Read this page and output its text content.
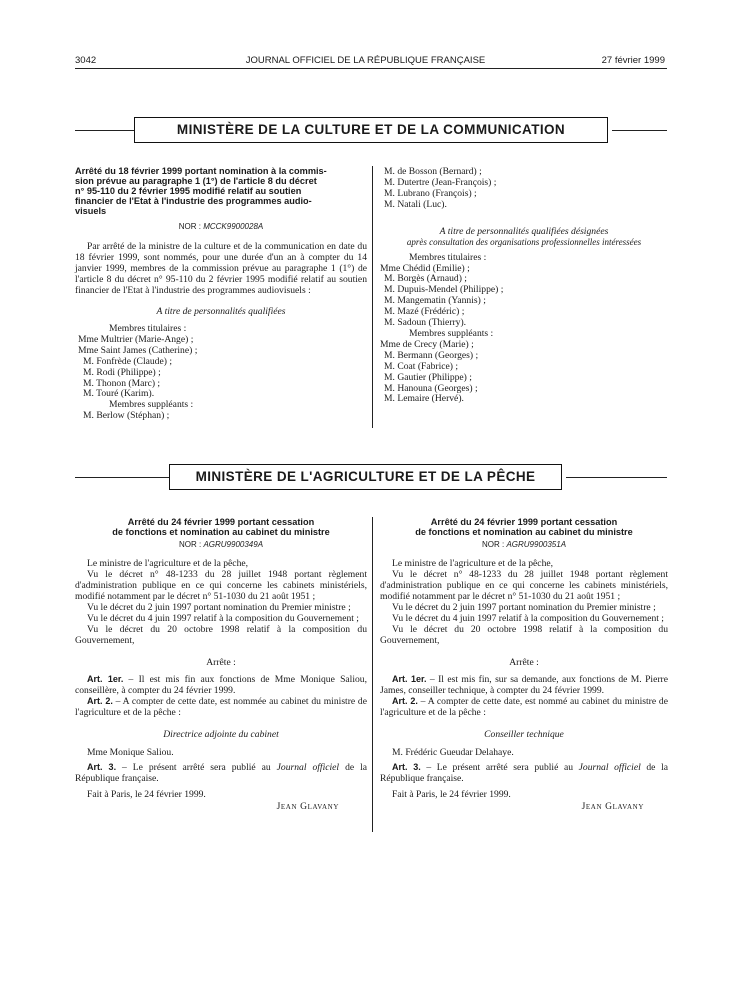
3042	JOURNAL OFFICIEL DE LA RÉPUBLIQUE FRANÇAISE	27 février 1999
MINISTÈRE DE LA CULTURE ET DE LA COMMUNICATION
Arrêté du 18 février 1999 portant nomination à la commis-
sion prévue au paragraphe 1 (1°) de l'article 8 du décret
n° 95-110 du 2 février 1995 modifié relatif au soutien
financier de l'Etat à l'industrie des programmes audio-
visuels
NOR : MCCK9900028A
Par arrêté de la ministre de la culture et de la communication en date du 18 février 1999, sont nommés, pour une durée d'un an à compter du 14 janvier 1999, membres de la commission prévue au paragraphe 1 (1°) de l'article 8 du décret n° 95-110 du 2 février 1995 modifié relatif au soutien financier de l'Etat à l'industrie des programmes audiovisuels :
A titre de personnalités qualifiées
Membres titulaires :
Mme Multrier (Marie-Ange) ;
Mme Saint James (Catherine) ;
M. Fonfrède (Claude) ;
M. Rodi (Philippe) ;
M. Thonon (Marc) ;
M. Touré (Karim).
Membres suppléants :
M. Berlow (Stéphan) ;
M. de Bosson (Bernard) ;
M. Dutertre (Jean-François) ;
M. Lubrano (François) ;
M. Natali (Luc).
A titre de personnalités qualifiées désignées
après consultation des organisations professionnelles intéressées
Membres titulaires :
Mme Chédid (Emilie) ;
M. Borgès (Arnaud) ;
M. Dupuis-Mendel (Philippe) ;
M. Mangematin (Yannis) ;
M. Mazé (Frédéric) ;
M. Sadoun (Thierry).
Membres suppléants :
Mme de Crecy (Marie) ;
M. Bermann (Georges) ;
M. Coat (Fabrice) ;
M. Gautier (Philippe) ;
M. Hanouna (Georges) ;
M. Lemaire (Hervé).
MINISTÈRE DE L'AGRICULTURE ET DE LA PÊCHE
Arrêté du 24 février 1999 portant cessation
de fonctions et nomination au cabinet du ministre
NOR : AGRU9900349A
Le ministre de l'agriculture et de la pêche,
Vu le décret n° 48-1233 du 28 juillet 1948 portant règlement d'administration publique en ce qui concerne les cabinets ministériels, modifié notamment par le décret n° 51-1030 du 21 août 1951 ;
Vu le décret du 2 juin 1997 portant nomination du Premier ministre ;
Vu le décret du 4 juin 1997 relatif à la composition du Gouvernement ;
Vu le décret du 20 octobre 1998 relatif à la composition du Gouvernement,
Arrête :
Art. 1er. – Il est mis fin aux fonctions de Mme Monique Saliou, conseillère, à compter du 24 février 1999.
Art. 2. – A compter de cette date, est nommée au cabinet du ministre de l'agriculture et de la pêche :
Directrice adjointe du cabinet
Mme Monique Saliou.
Art. 3. – Le présent arrêté sera publié au Journal officiel de la République française.
Fait à Paris, le 24 février 1999.
Jean Glavany
Arrêté du 24 février 1999 portant cessation
de fonctions et nomination au cabinet du ministre
NOR : AGRU9900351A
Le ministre de l'agriculture et de la pêche,
Vu le décret n° 48-1233 du 28 juillet 1948 portant règlement d'administration publique en ce qui concerne les cabinets ministériels, modifié notamment par le décret n° 51-1030 du 21 août 1951 ;
Vu le décret du 2 juin 1997 portant nomination du Premier ministre ;
Vu le décret du 4 juin 1997 relatif à la composition du Gouvernement ;
Vu le décret du 20 octobre 1998 relatif à la composition du Gouvernement,
Arrête :
Art. 1er. – Il est mis fin, sur sa demande, aux fonctions de M. Pierre James, conseiller technique, à compter du 24 février 1999.
Art. 2. – A compter de cette date, est nommé au cabinet du ministre de l'agriculture et de la pêche :
Conseiller technique
M. Frédéric Gueudar Delahaye.
Art. 3. – Le présent arrêté sera publié au Journal officiel de la République française.
Fait à Paris, le 24 février 1999.
Jean Glavany
